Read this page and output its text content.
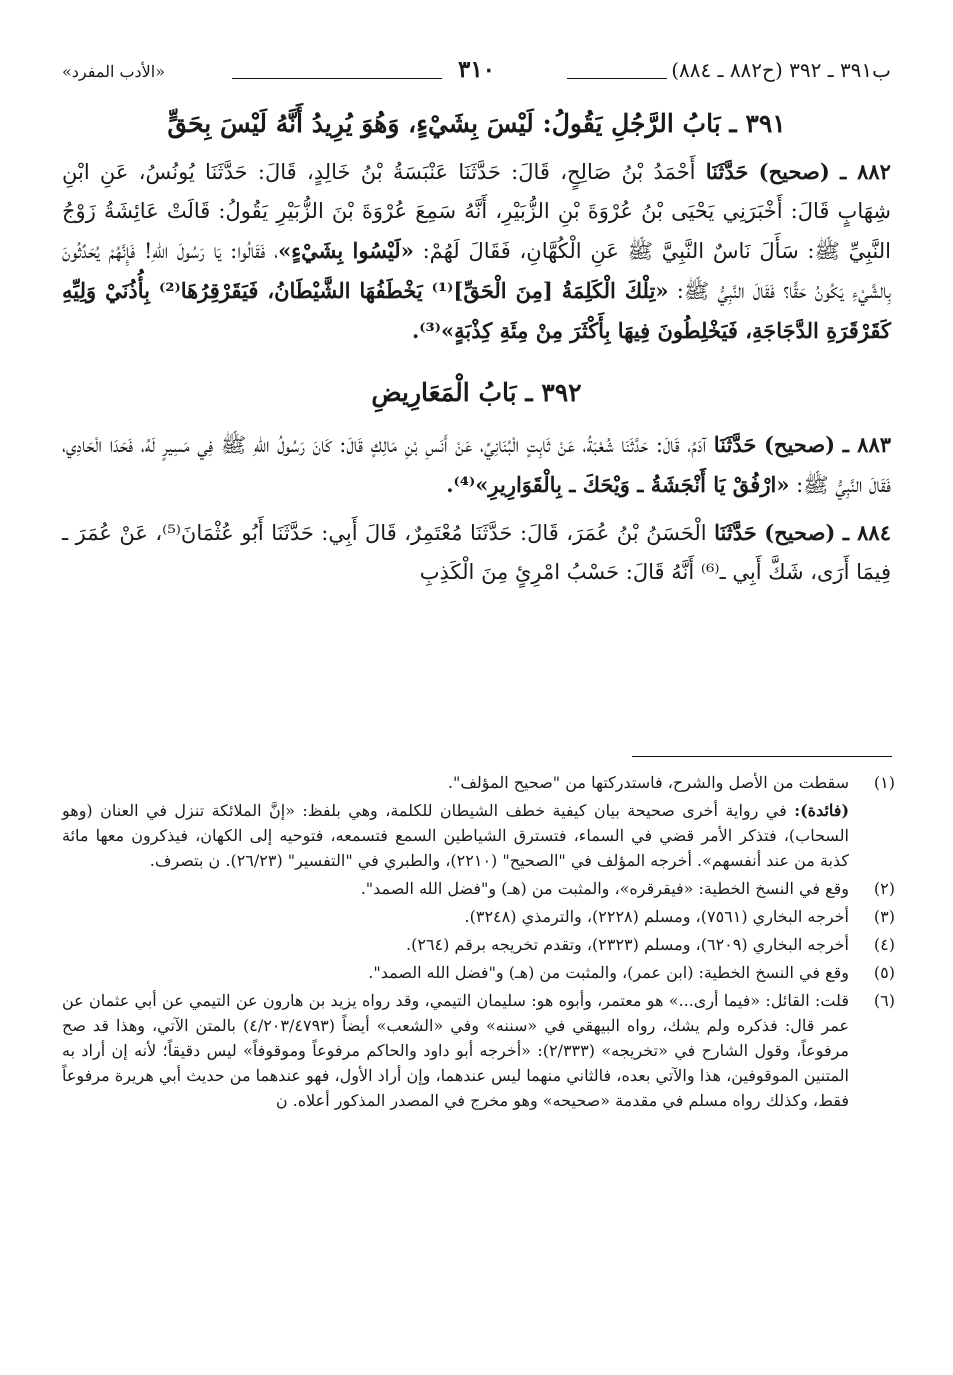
ب٣٩١ ـ ٣٩٢ (ح٨٨٢ ـ ٨٨٤)
٣١٠
«الأدب المفرد»
٣٩١ ـ بَابُ الرَّجُلِ يَقُولُ: لَيْسَ بِشَيْءٍ، وَهُوَ يُرِيدُ أَنَّهُ لَيْسَ بِحَقٍّ

٨٨٢ ـ (صحيح) حَدَّثَنَا أَحْمَدُ بْنُ صَالِحٍ، قَالَ: حَدَّثَنَا عَنْبَسَةُ بْنُ خَالِدٍ، قَالَ: حَدَّثَنَا يُونُسُ، عَنِ ابْنِ شِهَابٍ قَالَ: أَخْبَرَنِي يَحْيَى بْنُ عُرْوَةَ بْنِ الزُّبَيْرِ، أَنَّهُ سَمِعَ عُرْوَةَ بْنَ الزُّبَيْرِ يَقُولُ: قَالَتْ عَائِشَةُ زَوْجُ النَّبِيِّ ﷺ: سَأَلَ نَاسٌ النَّبِيَّ ﷺ عَنِ الْكُهَّانِ، فَقَالَ لَهُمْ: «لَيْسُوا بِشَيْءٍ»، فَقَالُوا: يَا رَسُولَ اللهِ! فَإِنَّهُمْ يُحَدِّثُونَ بِالشَّيْءِ يَكُونُ حَقًّا؟ فَقَالَ النَّبِيُّ ﷺ: «تِلْكَ الْكَلِمَةُ [مِنَ الْحَقِّ]⁽¹⁾ يَخْطَفُهَا الشَّيْطَانُ، فَيَقَرْقِرُهَا⁽²⁾ بِأُذُنَيْ وَلِيِّهِ كَقَرْقَرَةِ الدَّجَاجَةِ، فَيَخْلِطُونَ فِيهَا بِأَكْثَرَ مِنْ مِئَةِ كِذْبَةٍ»⁽³⁾.

٣٩٢ ـ بَابُ الْمَعَارِيضِ

٨٨٣ ـ (صحيح) حَدَّثَنَا آدَمُ، قَالَ: حَدَّثَنَا شُعْبَةُ، عَنْ ثَابِتٍ الْبُنَانِيِّ، عَنْ أَنَسِ بْنِ مَالِكٍ قَالَ: كَانَ رَسُولُ اللهِ ﷺ فِي مَسِيرٍ لَهُ، فَحَدَا الْحَادِي، فَقَالَ النَّبِيُّ ﷺ: «ارْفُقْ يَا أَنْجَشَةُ ـ وَيْحَكَ ـ بِالْقَوَارِيرِ»⁽⁴⁾.

٨٨٤ ـ (صحيح) حَدَّثَنَا الْحَسَنُ بْنُ عُمَرَ، قَالَ: حَدَّثَنَا مُعْتَمِرٌ، قَالَ أَبِي: حَدَّثَنَا أَبُو عُثْمَانَ⁽⁵⁾، عَنْ عُمَرَ ـ فِيمَا أَرَى، شَكَّ أَبِي ـ⁽⁶⁾ أَنَّهُ قَالَ: حَسْبُ امْرِئٍ مِنَ الْكَذِبِ

(١)
سقطت من الأصل والشرح، فاستدركتها من "صحيح المؤلف".
(فائدة): في رواية أخرى صحيحة بيان كيفية خطف الشيطان للكلمة، وهي بلفظ: «إنَّ الملائكة تنزل في العنان (وهو السحاب)، فتذكر الأمر قضي في السماء، فتسترق الشياطين السمع فتسمعه، فتوحيه إلى الكهان، فيذكرون معها مائة كذبة من عند أنفسهم». أخرجه المؤلف في "الصحيح" (٢٢١٠)، والطبري في "التفسير" (٢٦/٢٣). ن بتصرف.
(٢)
وقع في النسخ الخطية: «فيقرقره»، والمثبت من (هـ) و"فضل الله الصمد".
(٣)
أخرجه البخاري (٧٥٦١)، ومسلم (٢٢٢٨)، والترمذي (٣٢٤٨).
(٤)
أخرجه البخاري (٦٢٠٩)، ومسلم (٢٣٢٣)، وتقدم تخريجه برقم (٢٦٤).
(٥)
وقع في النسخ الخطية: (ابن عمر)، والمثبت من (هـ) و"فضل الله الصمد".
(٦)
قلت: القائل: «فيما أرى...» هو معتمر، وأبوه هو: سليمان التيمي، وقد رواه يزيد بن هارون عن التيمي عن أبي عثمان عن عمر قال: فذكره ولم يشك، رواه البيهقي في «سننه» وفي «الشعب» أيضاً (٤/٢٠٣/٤٧٩٣) بالمتن الآتي، وهذا قد صح مرفوعاً، وقول الشارح في «تخريجه» (٢/٣٣٣): «أخرجه أبو داود والحاكم مرفوعاً وموقوفاً» ليس دقيقاً؛ لأنه إن أراد به المتنين الموقوفين، هذا والآتي بعده، فالثاني منهما ليس عندهما، وإن أراد الأول، فهو عندهما من حديث أبي هريرة مرفوعاً فقط، وكذلك رواه مسلم في مقدمة «صحيحه» وهو مخرج في المصدر المذكور أعلاه. ن
